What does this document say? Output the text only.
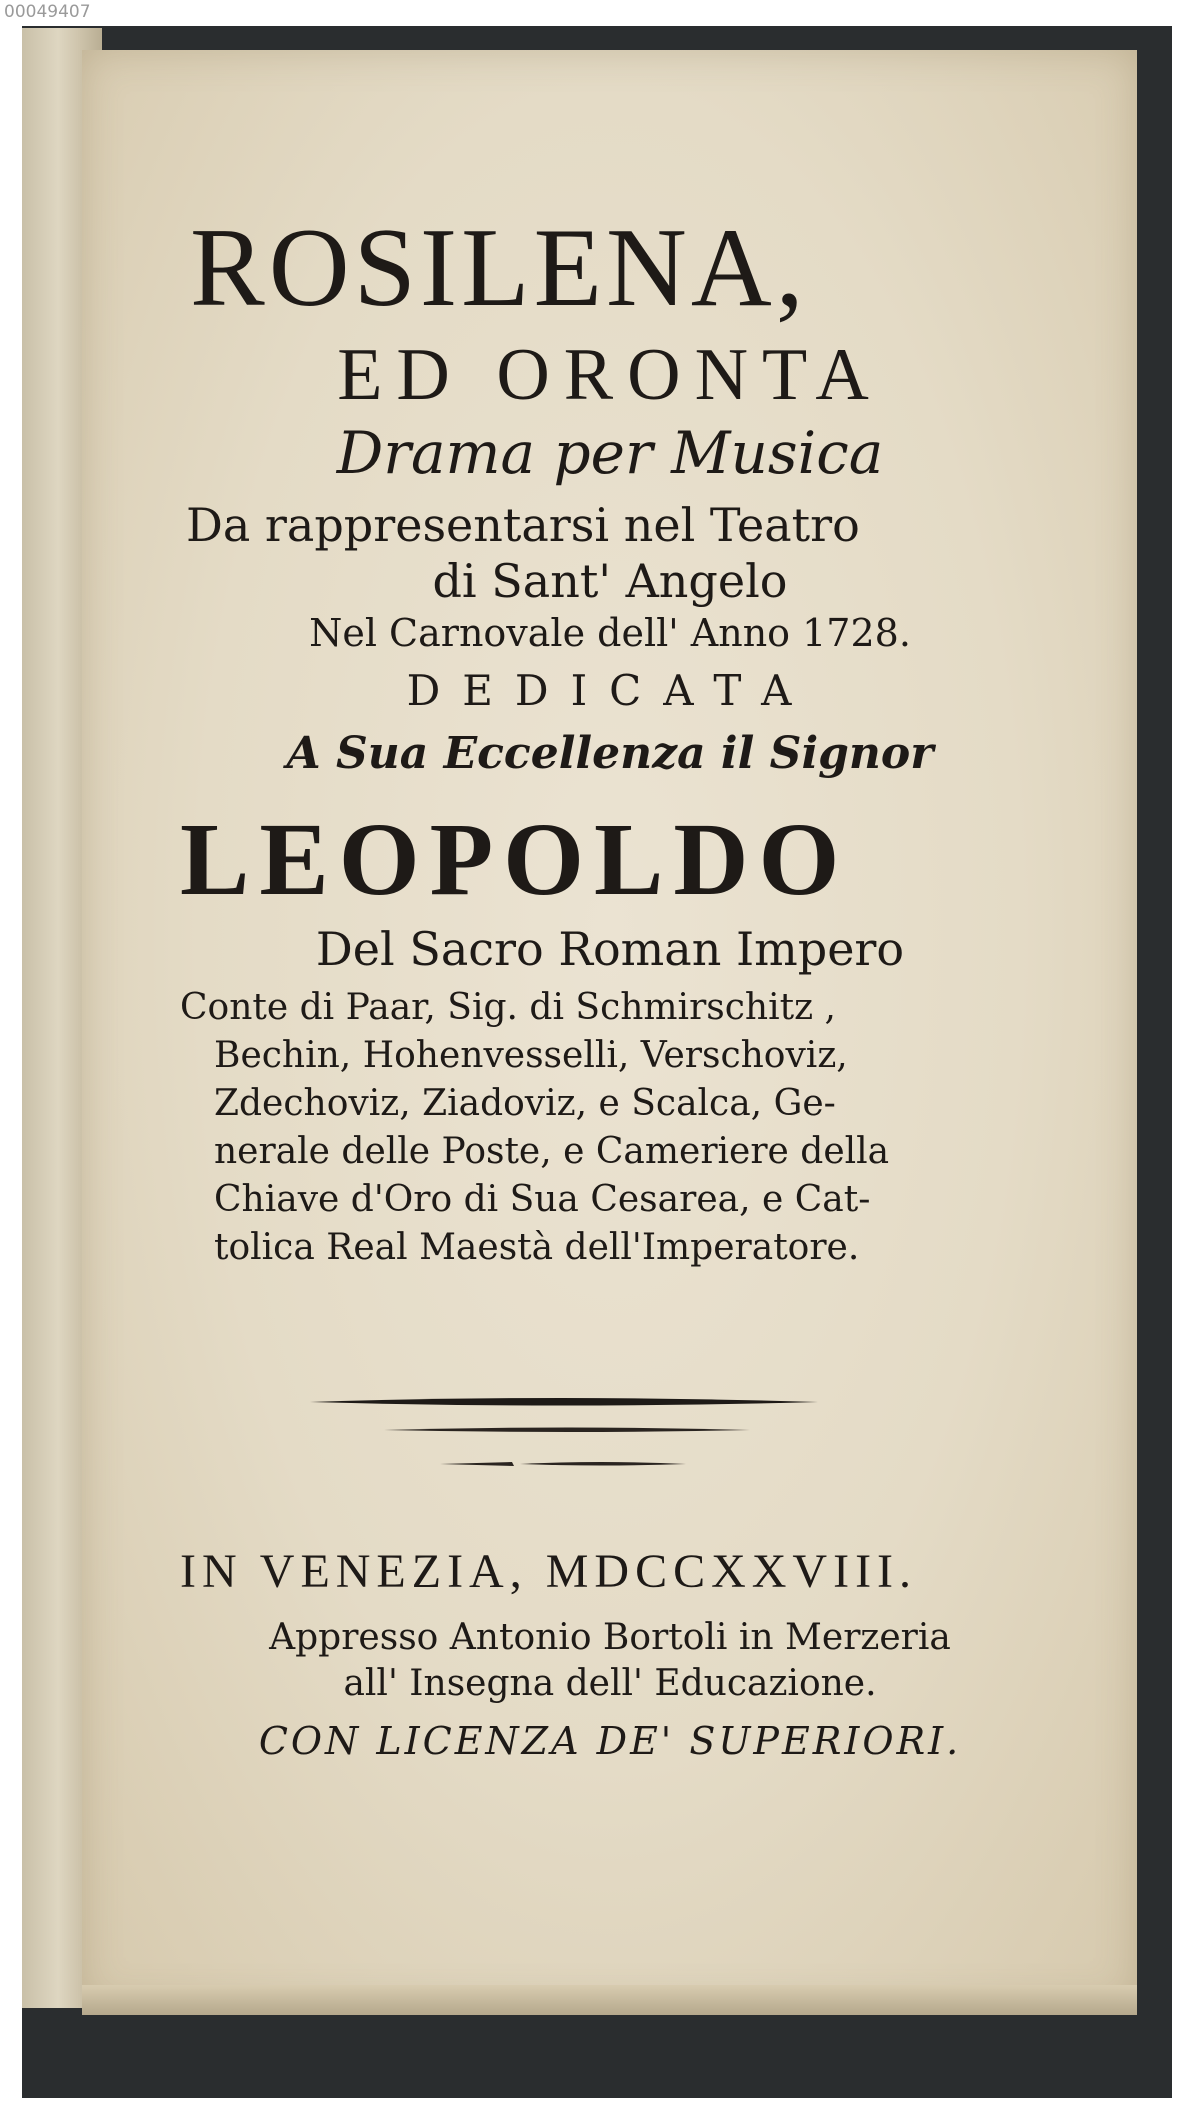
00049407
ROSILENA,
ED ORONTA
Drama per Musica
Da rappresentarsi nel Teatro
di Sant' Angelo
Nel Carnovale dell' Anno 1728.
DEDICATA
A Sua Eccellenza il Signor
LEOPOLDO
Del Sacro Roman Impero
Conte di Paar, Sig. di Schmirschitz ,
Bechin, Hohenvesselli, Verschoviz,
Zdechoviz, Ziadoviz, e Scalca, Ge-
nerale delle Poste, e Cameriere della
Chiave d'Oro di Sua Cesarea, e Cat-
tolica Real Maestà dell'Imperatore.
IN VENEZIA, MDCCXXVIII.
Appresso Antonio Bortoli in Merzeria
all' Insegna dell' Educazione.
CON LICENZA DE' SUPERIORI.
